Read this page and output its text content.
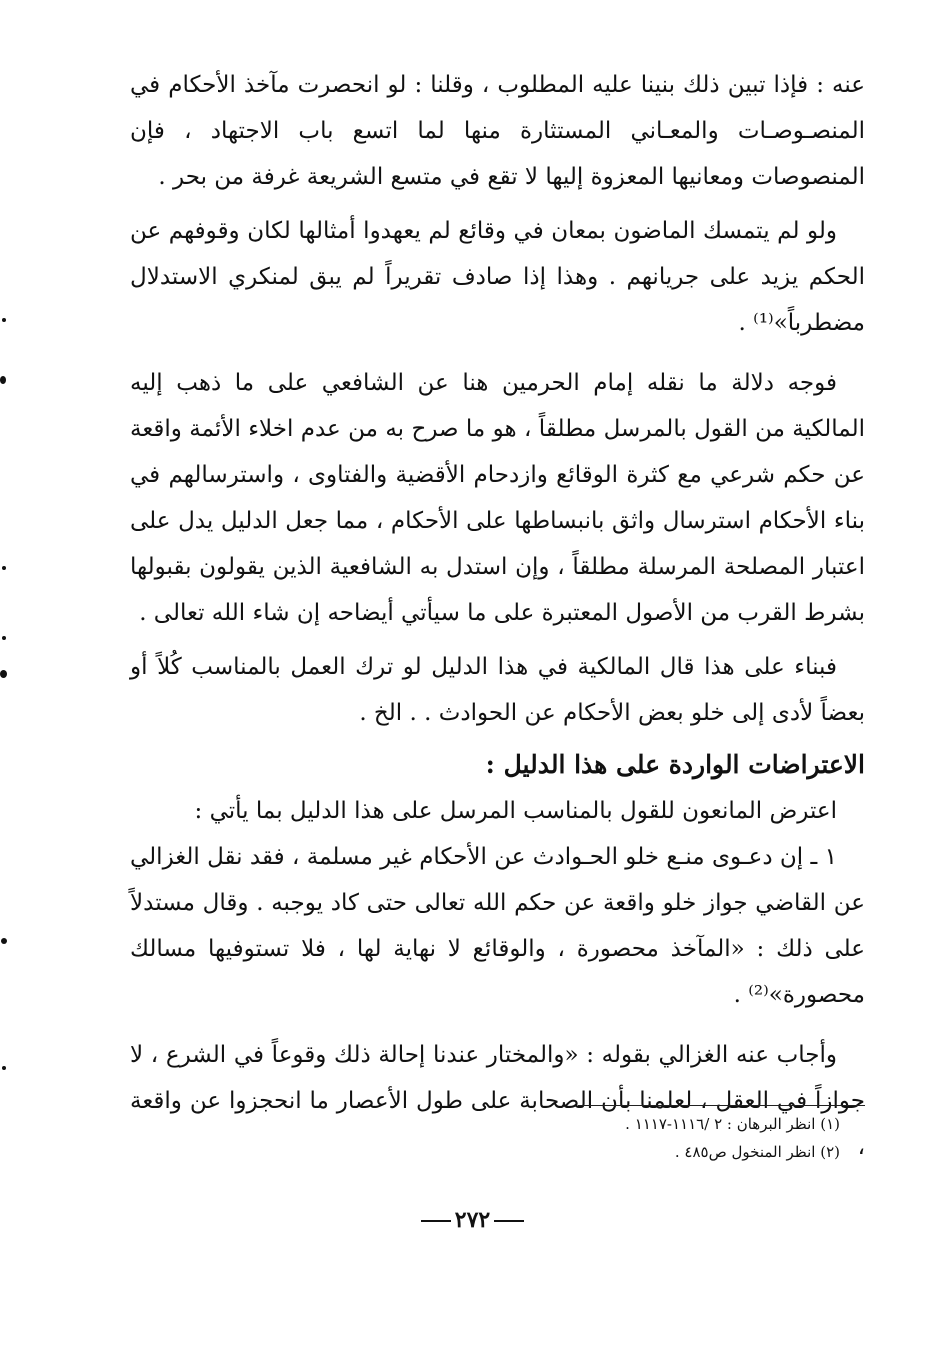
عنه : فإذا تبين ذلك بنينا عليه المطلوب ، وقلنا : لو انحصرت مآخذ الأحكام في المنصـوصـات والمعـاني المستثارة منها لما اتسع باب الاجتهاد ، فإن المنصوصات ومعانيها المعزوة إليها لا تقع في متسع الشريعة غرفة من بحر .

ولو لم يتمسك الماضون بمعان في وقائع لم يعهدوا أمثالها لكان وقوفهم عن الحكم يزيد على جريانهم . وهذا إذا صادف تقريراً لم يبق لمنكري الاستدلال مضطرباً»⁽¹⁾ .

فوجه دلالة ما نقله إمام الحرمين هنا عن الشافعي على ما ذهب إليه المالكية من القول بالمرسل مطلقاً ، هو ما صرح به من عدم اخلاء الأئمة واقعة عن حكم شرعي مع كثرة الوقائع وازدحام الأقضية والفتاوى ، واسترسالهم في بناء الأحكام استرسال واثق بانبساطها على الأحكام ، مما جعل الدليل يدل على اعتبار المصلحة المرسلة مطلقاً ، وإن استدل به الشافعية الذين يقولون بقبولها بشرط القرب من الأصول المعتبرة على ما سيأتي أيضاحه إن شاء الله تعالى .

فبناء على هذا قال المالكية في هذا الدليل لو ترك العمل بالمناسب كُلاً أو بعضاً لأدى إلى خلو بعض الأحكام عن الحوادث . . الخ .

الاعتراضات الواردة على هذا الدليل :

اعترض المانعون للقول بالمناسب المرسل على هذا الدليل بما يأتي :

١ ـ إن دعـوى منـع خلو الحـوادث عن الأحكام غير مسلمة ، فقد نقل الغزالي عن القاضي جواز خلو واقعة عن حكم الله تعالى حتى كاد يوجبه . وقال مستدلاً على ذلك : «المآخذ محصورة ، والوقائع لا نهاية لها ، فلا تستوفيها مسالك محصورة»⁽²⁾ .

وأجاب عنه الغزالي بقوله : «والمختار عندنا إحالة ذلك وقوعاً في الشرع ، لا جوازاً في العقل ، لعلمنا بأن الصحابة على طول الأعصار ما انحجزوا عن واقعة ،

(١) انظر البرهان : ٢ /١١١٦-١١١٧ .

(٢) انظر المنخول ص٤٨٥ .

٢٧٢
